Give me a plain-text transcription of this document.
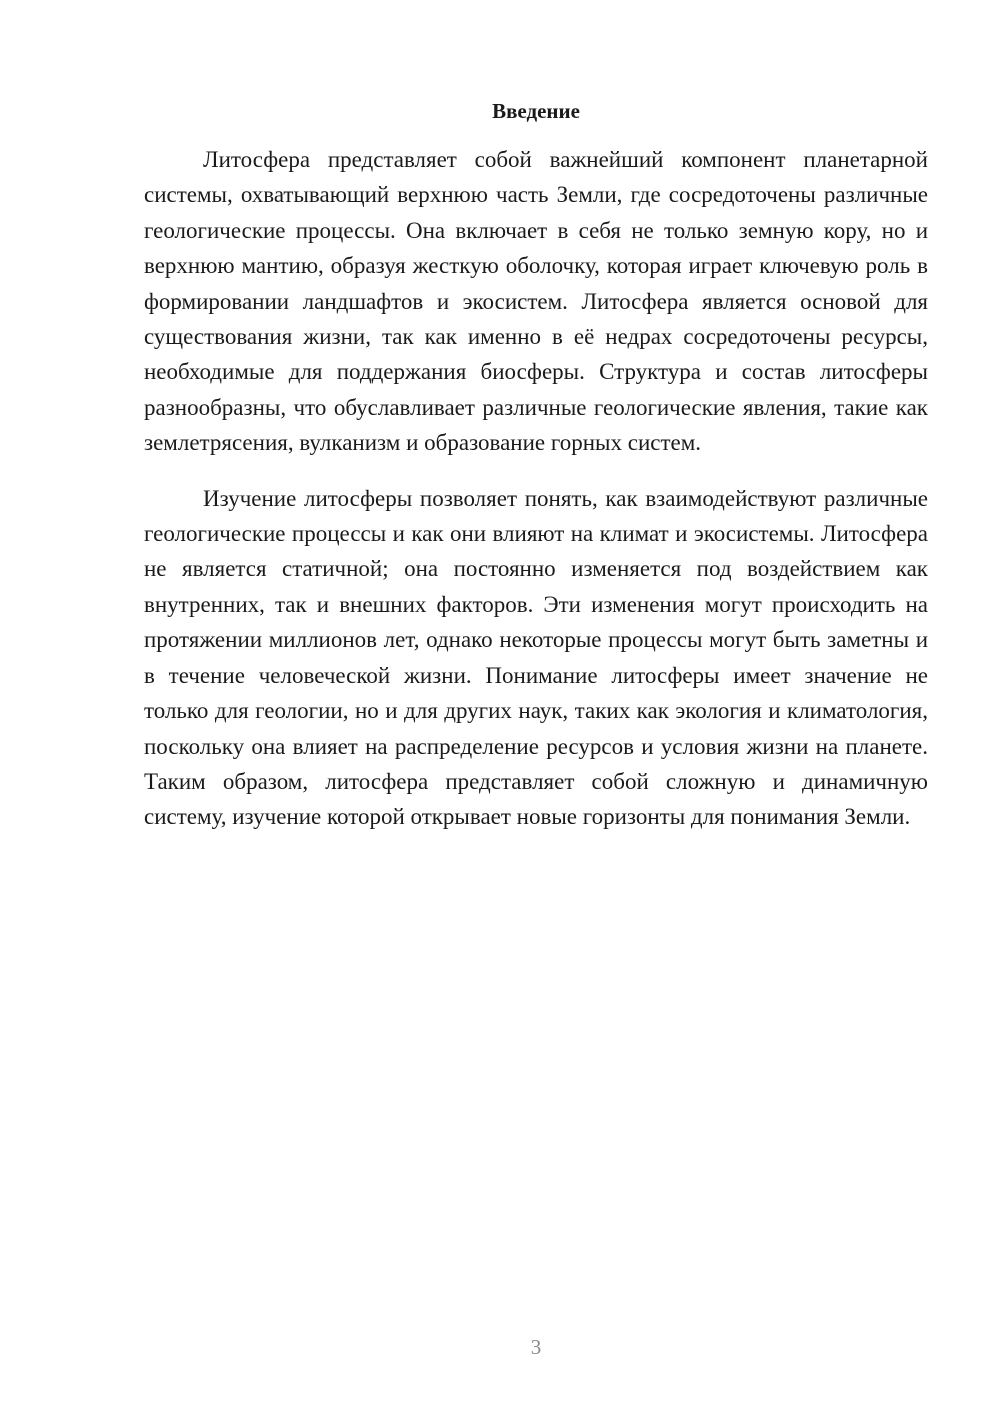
Введение

Литосфера представляет собой важнейший компонент планетарной системы, охватывающий верхнюю часть Земли, где сосредоточены различные геологические процессы. Она включает в себя не только земную кору, но и верхнюю мантию, образуя жесткую оболочку, которая играет ключевую роль в формировании ландшафтов и экосистем. Литосфера является основой для существования жизни, так как именно в её недрах сосредоточены ресурсы, необходимые для поддержания биосферы. Структура и состав литосферы разнообразны, что обуславливает различные геологические явления, такие как землетрясения, вулканизм и образование горных систем.

Изучение литосферы позволяет понять, как взаимодействуют различные геологические процессы и как они влияют на климат и экосистемы. Литосфера не является статичной; она постоянно изменяется под воздействием как внутренних, так и внешних факторов. Эти изменения могут происходить на протяжении миллионов лет, однако некоторые процессы могут быть заметны и в течение человеческой жизни. Понимание литосферы имеет значение не только для геологии, но и для других наук, таких как экология и климатология, поскольку она влияет на распределение ресурсов и условия жизни на планете. Таким образом, литосфера представляет собой сложную и динамичную систему, изучение которой открывает новые горизонты для понимания Земли.

3
